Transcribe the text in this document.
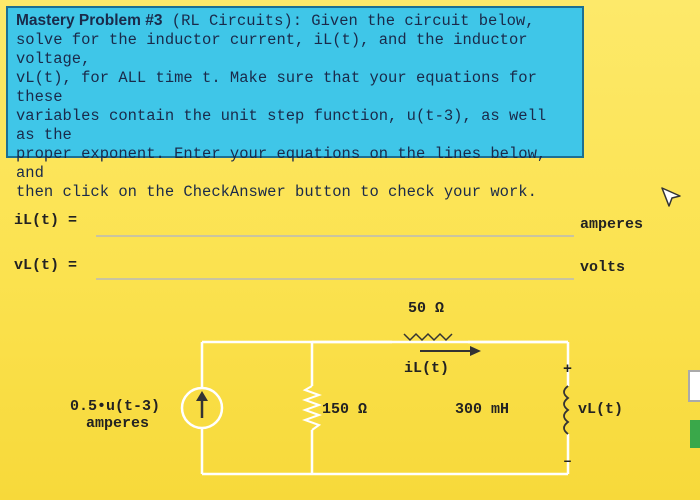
Mastery Problem #3 (RL Circuits): Given the circuit below,
solve for the inductor current, iL(t), and the inductor voltage,
vL(t), for ALL time t. Make sure that your equations for these
variables contain the unit step function, u(t-3), as well as the
proper exponent. Enter your equations on the lines below, and
then click on the CheckAnswer button to check your work.
iL(t) =	amperes
vL(t) =	volts
0.5•u(t-3)
amperes
150 Ω
50 Ω
iL(t)
300 mH	vL(t)
+
–
